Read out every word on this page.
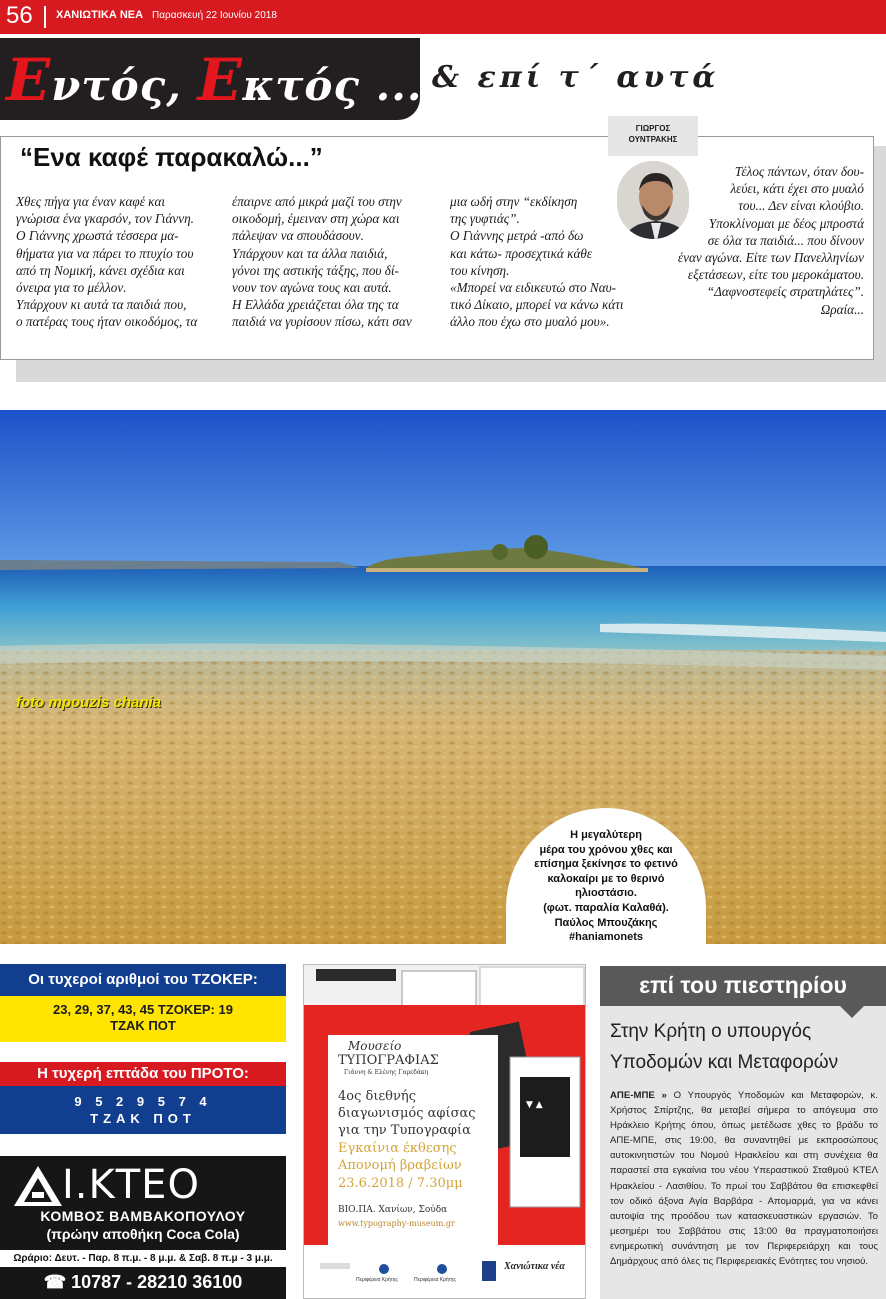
56 ΧΑΝΙΩΤΙΚΑ ΝΕΑ Παρασκευή 22 Ιουνίου 2018
Εντός, Εκτός ... & επί τ΄ αυτά
“Ενα καφέ παρακαλώ...”
ΓΙΩΡΓΟΣ
ΟΥΝΤΡΑΚΗΣ

Χθες πήγα για έναν καφέ και

γνώρισα ένα γκαρσόν, τον Γιάννη.

Ο Γιάννης χρωστά τέσσερα μα-

θήματα για να πάρει το πτυχίο του

από τη Νομική, κάνει σχέδια και

όνειρα για το μέλλον.

Υπάρχουν κι αυτά τα παιδιά που,

ο πατέρας τους ήταν οικοδόμος, τα

έπαιρνε από μικρά μαζί του στην

οικοδομή, έμειναν στη χώρα και

πάλεψαν να σπουδάσουν.

Υπάρχουν και τα άλλα παιδιά,

γόνοι της αστικής τάξης, που δί-

νουν τον αγώνα τους και αυτά.

Η Ελλάδα χρειάζεται όλα της τα

παιδιά να γυρίσουν πίσω, κάτι σαν

μια ωδή στην “εκδίκηση

της γυφτιάς”.

Ο Γιάννης μετρά -από δω

και κάτω- προσεχτικά κάθε

του κίνηση.

«Μπορεί να ειδικευτώ στο Ναυ-

τικό Δίκαιο, μπορεί να κάνω κάτι

άλλο που έχω στο μυαλό μου».

Τέλος πάντων, όταν δου-

λεύει, κάτι έχει στο μυαλό

του... Δεν είναι κλούβιο.

Υποκλίνομαι με δέος μπροστά

σε όλα τα παιδιά... που δίνουν

έναν αγώνα. Είτε των Πανελληνίων

εξετάσεων, είτε του μεροκάματου.

“Δαφνοστεφείς στρατηλάτες”.

Ωραία...

foto mpouzis chania
Η μεγαλύτερη
μέρα του χρόνου χθες και
επίσημα ξεκίνησε το φετινό
καλοκαίρι με το θερινό
ηλιοστάσιο.
(φωτ. παραλία Καλαθά).
Παύλος Μπουζάκης
#haniamonets
Οι τυχεροί αριθμοί του ΤΖΟΚΕΡ:
23, 29, 37, 43, 45 ΤΖΟΚΕΡ: 19
ΤΖΑΚ ΠΟΤ
Η τυχερή επτάδα του ΠΡΟΤΟ:
9 5 2 9 5 7 4
ΤΖΑΚ ΠΟΤ
Ι.ΚΤΕΟ
ΚΟΜΒΟΣ ΒΑΜΒΑΚΟΠΟΥΛΟΥ
(πρώην αποθήκη Coca Cola)
Ωράριο: Δευτ. - Παρ. 8 π.μ. - 8 μ.μ. & Σαβ. 8 π.μ - 3 μ.μ.
☎ 10787 - 28210 36100
▼ ▲
Μουσείο
ΤΥΠΟΓΡΑΦΙΑΣ
Γιάννη & Ελένης Γαρεδάκη
4ος διεθνής
διαγωνισμός αφίσας
για την Τυπογραφία
Εγκαίνια έκθεσης
Απονομή βραβείων
23.6.2018 / 7.30μμ
ΒΙΟ.ΠΑ. Χανίων, Σούδα
www.typography-museum.gr
Περιφέρεια Κρήτης	Περιφέρεια Κρήτης
Χανιώτικα νέα
επί του πιεστηρίου
Στην Κρήτη ο υπουργός Υποδομών και Μεταφορών
ΑΠΕ-ΜΠΕ » Ο Υπουργός Υποδομών και Μεταφορών, κ. Χρήστος Σπίρτζης, θα μεταβεί σήμερα το απόγευμα στο Ηράκλειο Κρήτης όπου, όπως μετέδωσε χθες το βράδυ το ΑΠΕ-ΜΠΕ, στις 19:00, θα συναντηθεί με εκπροσώπους αυτοκινητιστών του Νομού Ηρακλείου και στη συνέχεια θα παραστεί στα εγκαίνια του νέου Υπεραστικού Σταθμού ΚΤΕΛ Ηρακλείου - Λασιθίου. Το πρωί του Σαββάτου θα επισκεφθεί τον οδικό άξονα Αγία Βαρβάρα - Απομαρμά, για να κάνει αυτοψία της προόδου των κατασκευαστικών εργασιών. Το μεσημέρι του Σαββάτου στις 13:00 θα πραγματοποιήσει ενημερωτική συνάντηση με τον Περιφερειάρχη και τους Δημάρχους από όλες τις Περιφερειακές Ενότητες του νησιού.
